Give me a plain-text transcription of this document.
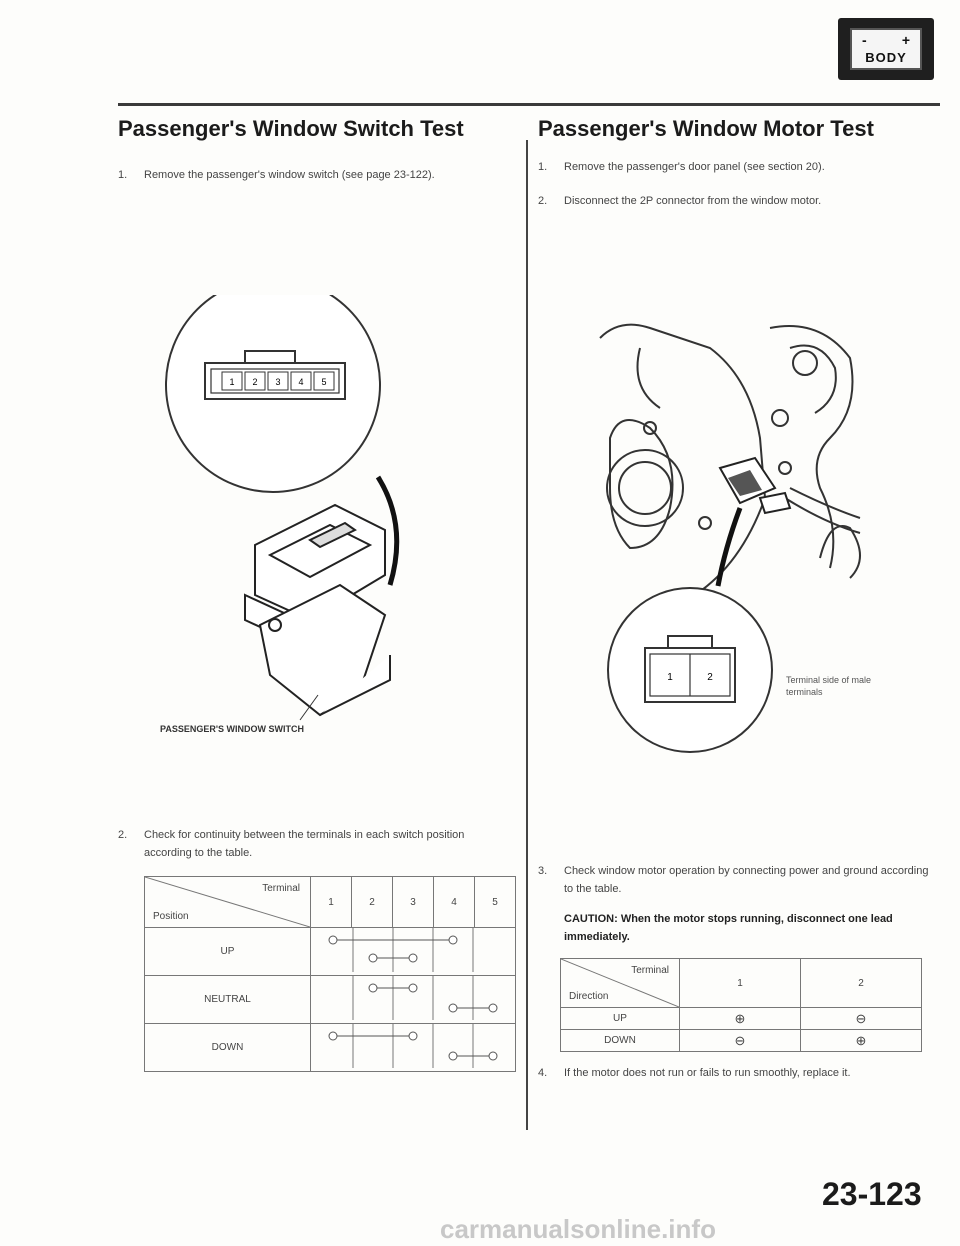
-	+
BODY
Passenger's Window Switch Test
1. Remove the passenger's window switch (see page 23-122).
1 2 3 4 5
PASSENGER'S WINDOW SWITCH
2. Check for continuity between the terminals in each switch position according to the table.
Terminal
Position	1	2	3	4	5
UP	
NEUTRAL	
DOWN	
Passenger's Window Motor Test
1. Remove the passenger's door panel (see section 20).
2. Disconnect the 2P connector from the window motor.
1	2	Terminal side of male terminals
3. Check window motor operation by connecting power and ground according to the table.
CAUTION: When the motor stops running, disconnect one lead immediately.
Terminal
Direction	1	2
UP	⊕	⊖
DOWN	⊖	⊕
4. If the motor does not run or fails to run smoothly, replace it.
23-123
carmanualsonline.info
